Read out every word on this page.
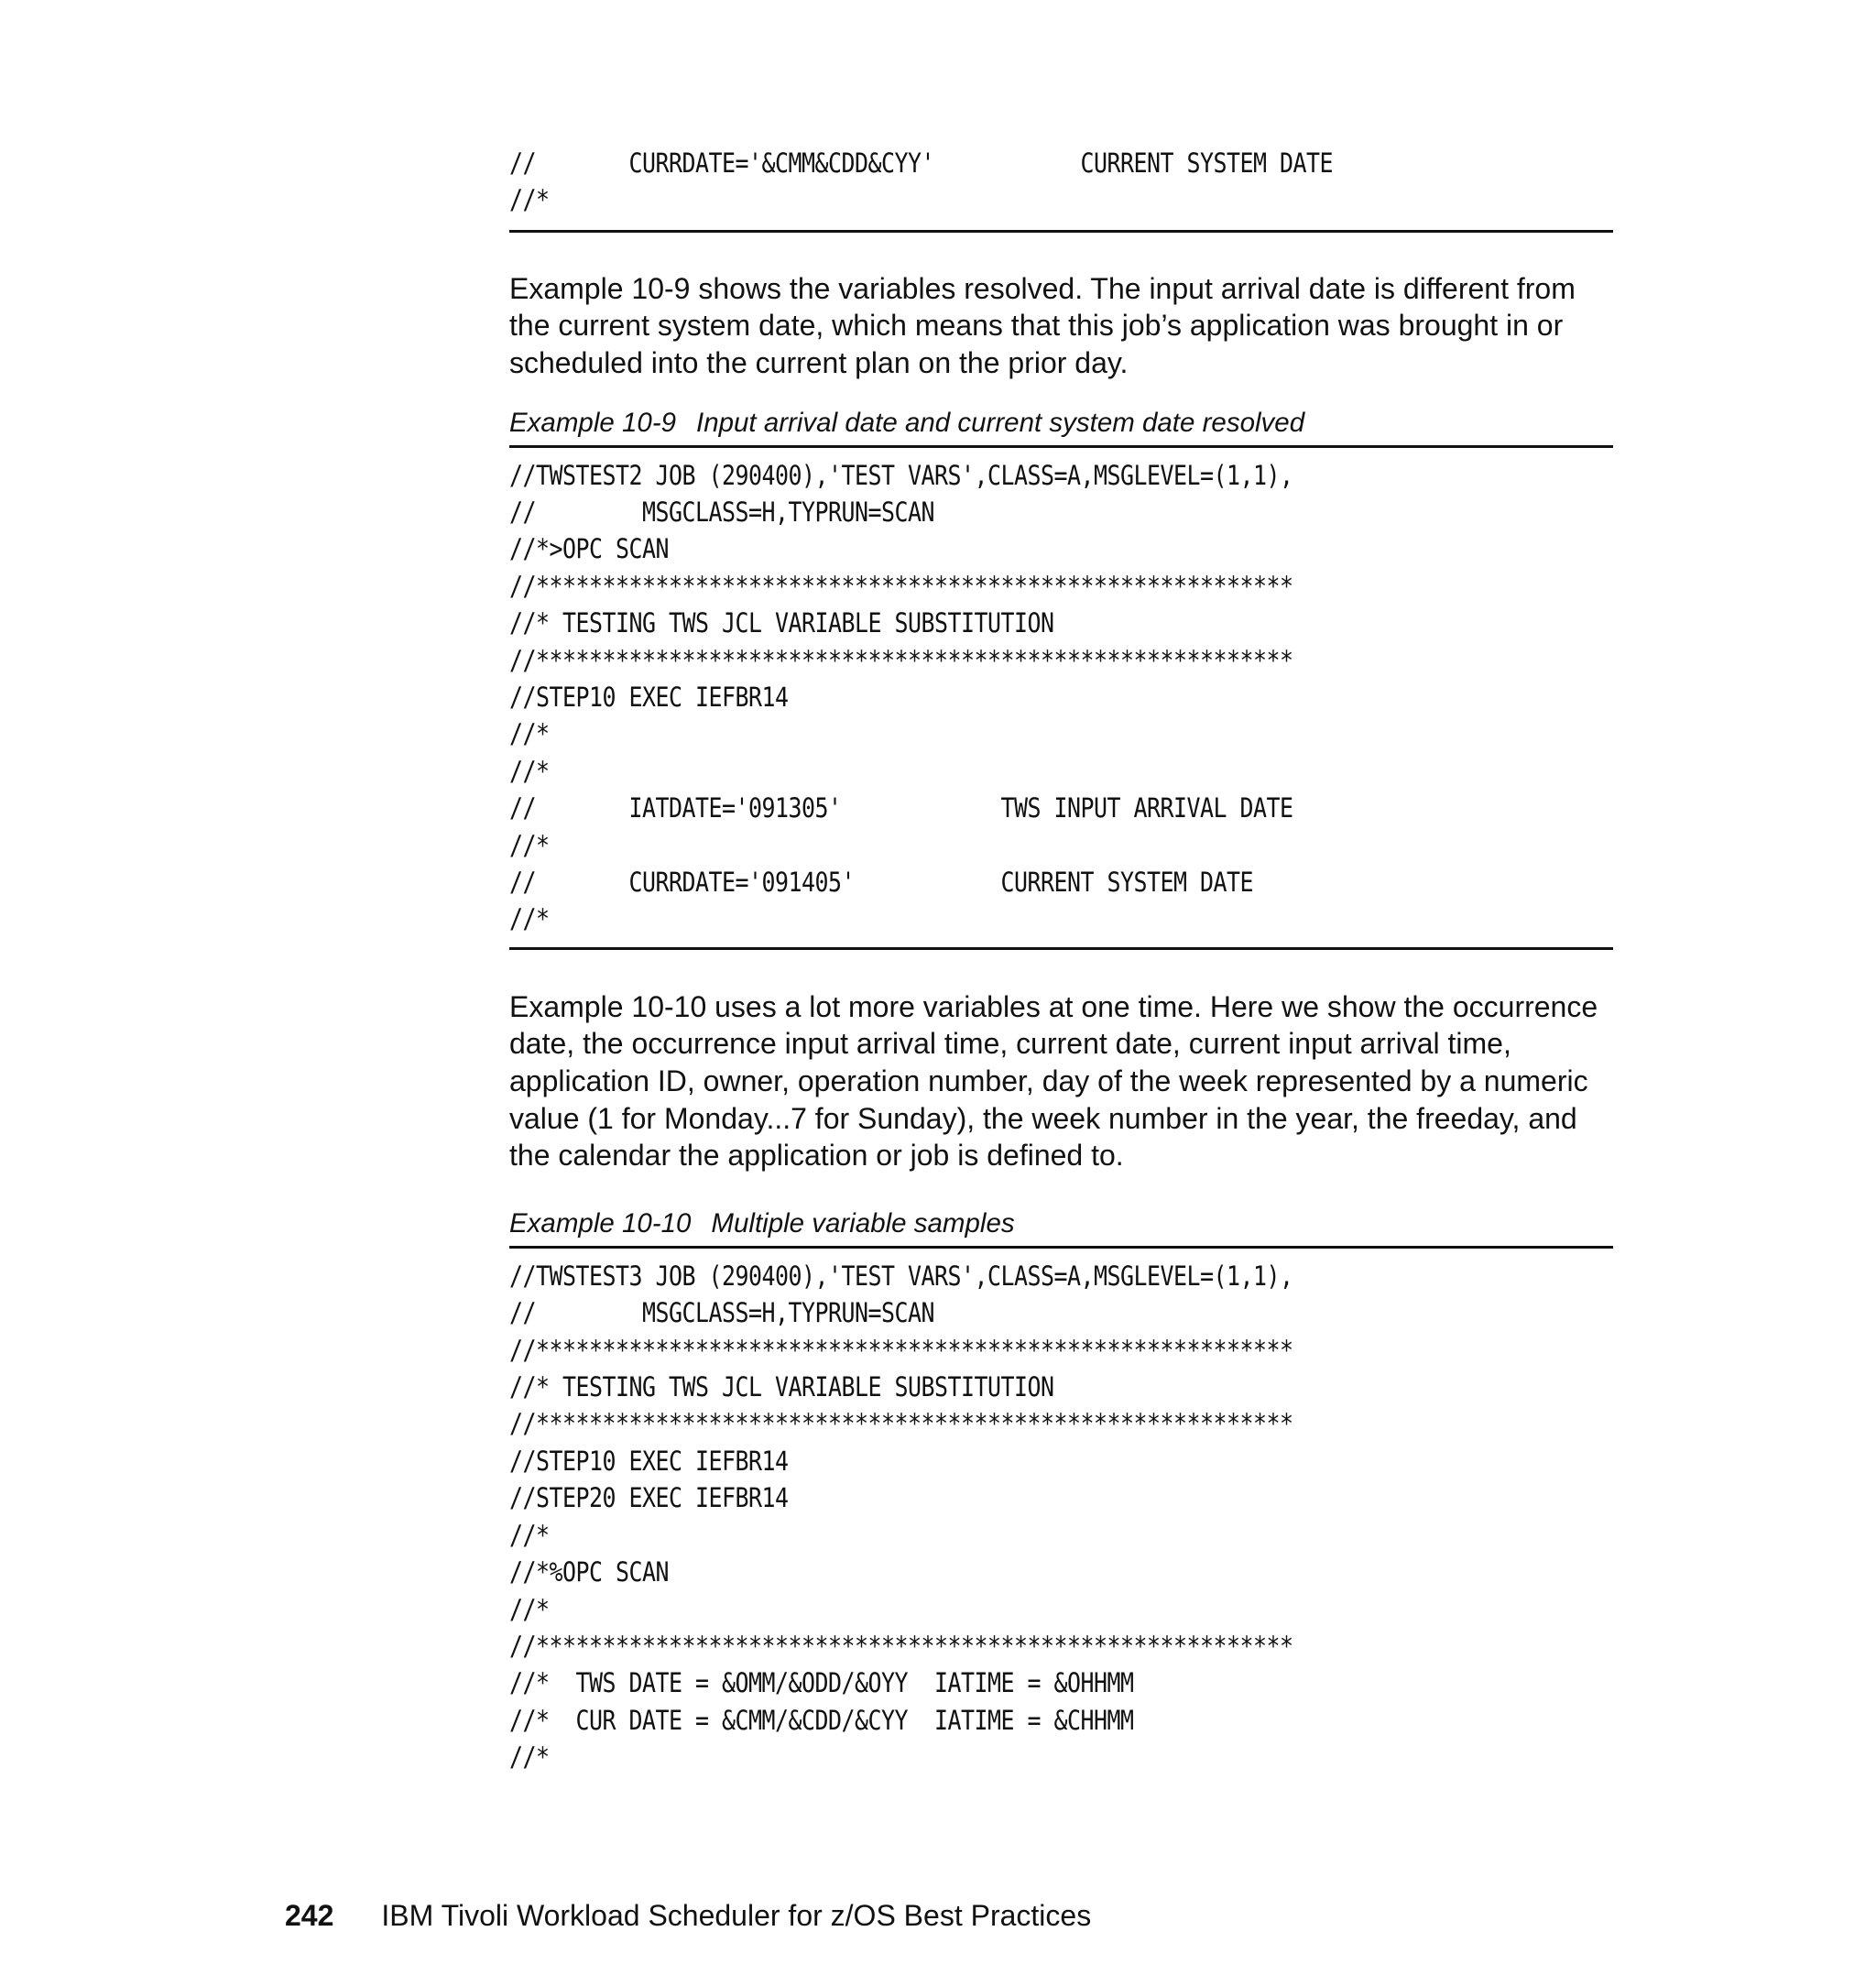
//       CURRDATE='&CMM&CDD&CYY'           CURRENT SYSTEM DATE
//*

Example 10-9 shows the variables resolved. The input arrival date is different from the current system date, which means that this job’s application was brought in or scheduled into the current plan on the prior day.

Example 10-9 Input arrival date and current system date resolved

//TWSTEST2 JOB (290400),'TEST VARS',CLASS=A,MSGLEVEL=(1,1),
//        MSGCLASS=H,TYPRUN=SCAN
//*>OPC SCAN
//*********************************************************
//* TESTING TWS JCL VARIABLE SUBSTITUTION
//*********************************************************
//STEP10 EXEC IEFBR14
//*
//*
//       IATDATE='091305'            TWS INPUT ARRIVAL DATE
//*
//       CURRDATE='091405'           CURRENT SYSTEM DATE
//*

Example 10-10 uses a lot more variables at one time. Here we show the occurrence date, the occurrence input arrival time, current date, current input arrival time, application ID, owner, operation number, day of the week represented by a numeric value (1 for Monday...7 for Sunday), the week number in the year, the freeday, and the calendar the application or job is defined to.

Example 10-10 Multiple variable samples

//TWSTEST3 JOB (290400),'TEST VARS',CLASS=A,MSGLEVEL=(1,1),
//        MSGCLASS=H,TYPRUN=SCAN
//*********************************************************
//* TESTING TWS JCL VARIABLE SUBSTITUTION
//*********************************************************
//STEP10 EXEC IEFBR14
//STEP20 EXEC IEFBR14
//*
//*%OPC SCAN
//*
//*********************************************************
//*  TWS DATE = &OMM/&ODD/&OYY  IATIME = &OHHMM
//*  CUR DATE = &CMM/&CDD/&CYY  IATIME = &CHHMM
//*
242 IBM Tivoli Workload Scheduler for z/OS Best Practices
